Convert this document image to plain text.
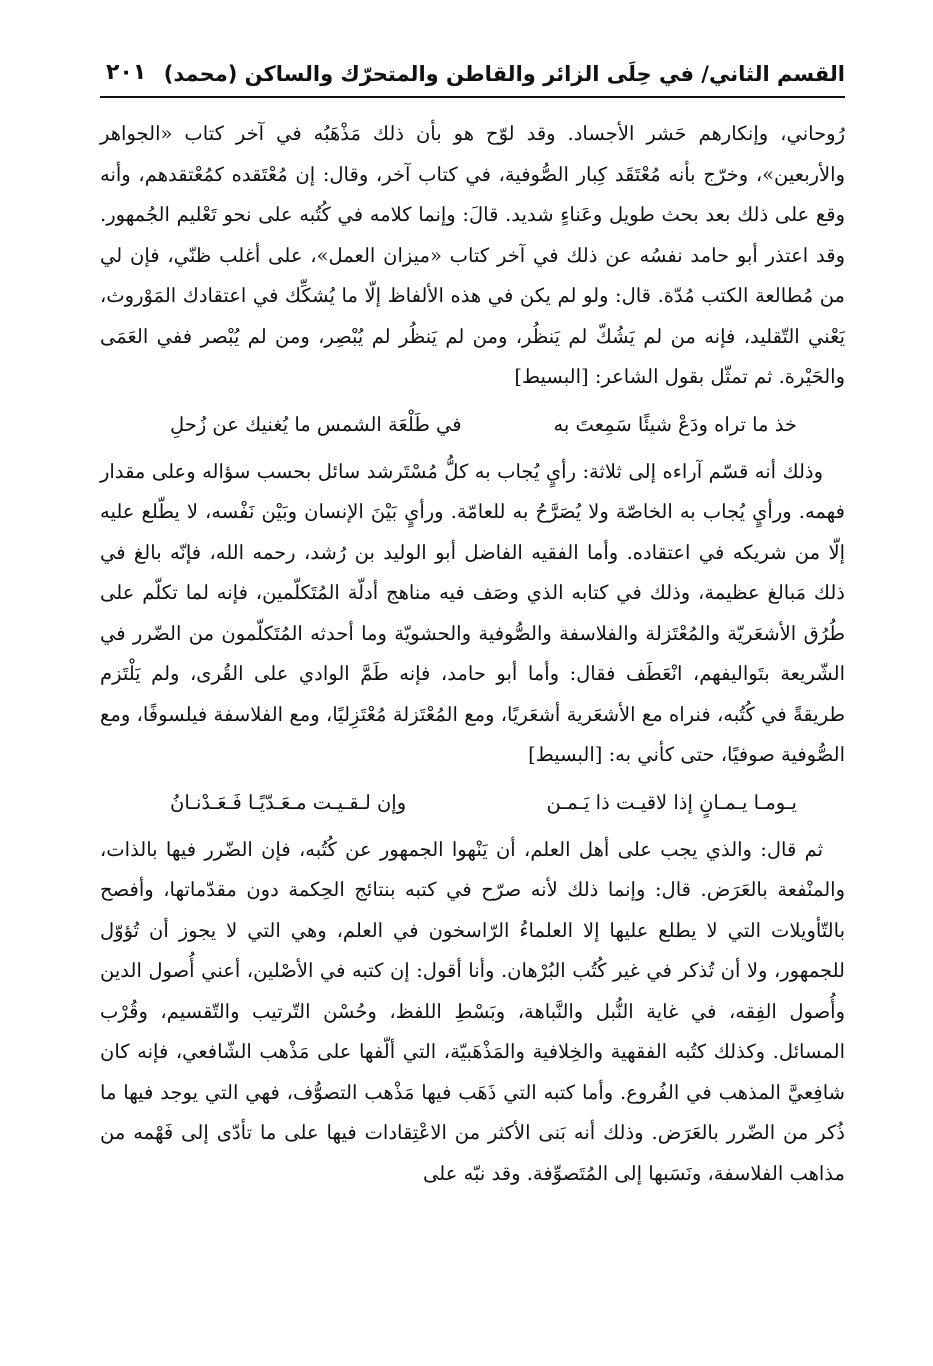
القسم الثاني/ في حِلَى الزائر والقاطن والمتحرّك والساكن (محمد)
٢٠١

رُوحاني، وإنكارهم حَشر الأجساد. وقد لوّح هو بأن ذلك مَذْهَبُه في آخر كتاب «الجواهر والأربعين»، وخرّج بأنه مُعْتَقَد كِبار الصُّوفية، في كتاب آخر، وقال: إن مُعْتَقده كمُعْتقدهم، وأنه وقع على ذلك بعد بحث طويل وعَناءٍ شديد. قالَ: وإنما كلامه في كُتُبه على نحو تَعْليم الجُمهور. وقد اعتذر أبو حامد نفسُه عن ذلك في آخر كتاب «ميزان العمل»، على أغلب ظنّي، فإن لي من مُطالعة الكتب مُدّة. قال: ولو لم يكن في هذه الألفاظ إلّا ما يُشكِّك في اعتقادك المَوْروث، يَعْني التّقليد، فإنه من لم يَشُكّ لم يَنظُر، ومن لم يَنظُر لم يُبْصِر، ومن لم يُبْصر ففي العَمَى والحَيْرة. ثم تمثّل بقول الشاعر: [البسيط]

خذ ما تراه ودَعْ شيئًا سَمِعتَ به
في طَلْعَة الشمس ما يُغنيك عن زُحلِ

وذلك أنه قسّم آراءه إلى ثلاثة: رأيٍ يُجاب به كلُّ مُسْتَرشد سائل بحسب سؤاله وعلى مقدار فهمه. ورأيٍ يُجاب به الخاصّة ولا يُصَرَّحُ به للعامّة. ورأيٍ بَيْنَ الإنسان وبَيْن نَفْسه، لا يطّلع عليه إلّا من شريكه في اعتقاده. وأما الفقيه الفاضل أبو الوليد بن رُشد، رحمه الله، فإنّه بالغ في ذلك مَبالغ عظيمة، وذلك في كتابه الذي وصَف فيه مناهج أدلّة المُتَكلّمين، فإنه لما تكلّم على طُرُق الأشعَريّة والمُعْتَزلة والفلاسفة والصُّوفية والحشويّة وما أحدثه المُتَكلّمون من الضّرر في الشّريعة بتَواليفهم، انْعَطَف فقال: وأما أبو حامد، فإنه طَمَّ الوادي على القُرى، ولم يَلْتَزم طريقةً في كُتُبه، فنراه مع الأشعَرية أشعَريًا، ومع المُعْتَزلة مُعْتَزِليًا، ومع الفلاسفة فيلسوفًا، ومع الصُّوفية صوفيًا، حتى كأني به: [البسيط]

يـومـا يـمـانٍ إذا لاقيـت ذا يَـمـن
وإن لـقـيـت مـعَـدّيًـا فَـعَـدْنـانُ

ثم قال: والذي يجب على أهل العلم، أن يَنْهوا الجمهور عن كُتُبه، فإن الضّرر فيها بالذات، والمنْفعة بالعَرَض. قال: وإنما ذلك لأنه صرّح في كتبه بنتائج الحِكمة دون مقدّماتها، وأفصح بالتّأويلات التي لا يطلع عليها إلا العلماءُ الرّاسخون في العلم، وهي التي لا يجوز أن تُؤوّل للجمهور، ولا أن تُذكر في غير كُتُب البُرْهان. وأنا أقول: إن كتبه في الأصْلين، أعني أُصول الدين وأُصول الفِقه، في غاية النُّبل والنَّباهة، وبَسْطِ اللفظ، وحُسْن التّرتيب والتّقسيم، وقُرْب المسائل. وكذلك كتُبه الفقهية والخِلافية والمَذْهَبيّة، التي ألّفها على مَذْهب الشّافعي، فإنه كان شافِعيَّ المذهب في الفُروع. وأما كتبه التي ذَهَب فيها مَذْهب التصوُّف، فهي التي يوجد فيها ما ذُكر من الضّرر بالعَرَض. وذلك أنه بَنى الأكثر من الاعْتِقادات فيها على ما تأدّى إلى فَهْمه من مذاهب الفلاسفة، ونَسَبها إلى المُتَصوِّفة. وقد نبّه على
